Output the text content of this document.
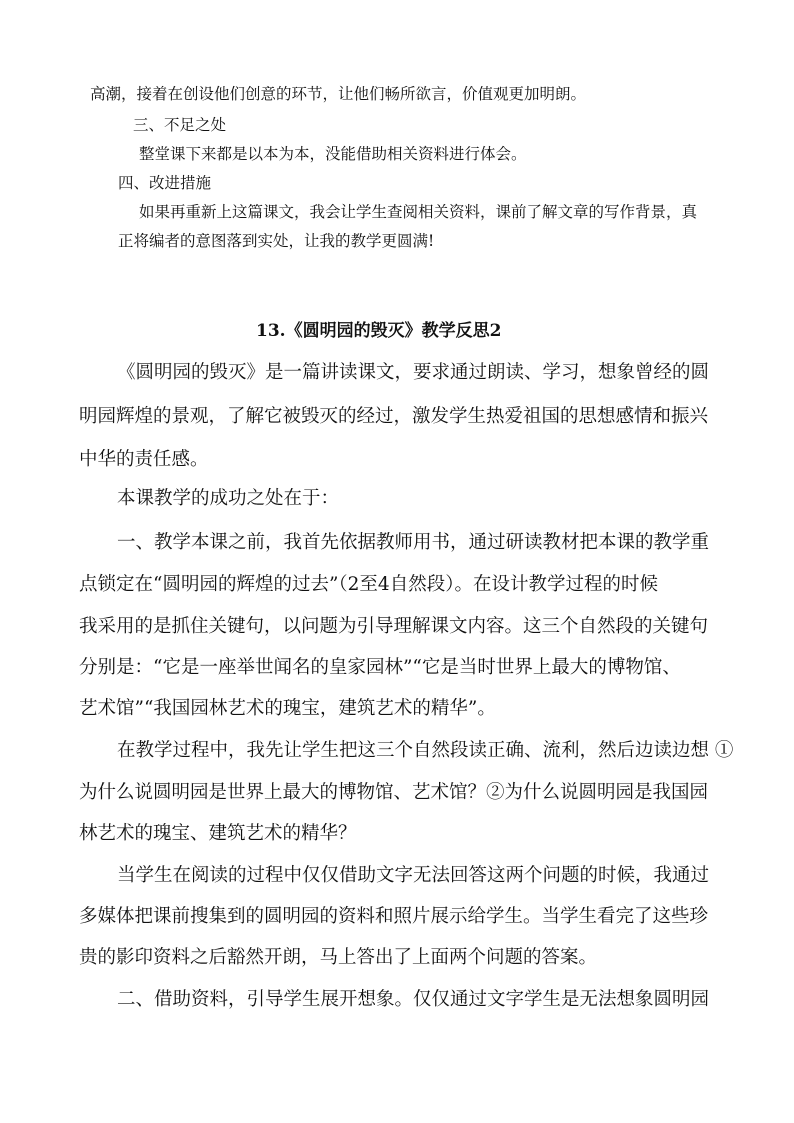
高潮，接着在创设他们创意的环节，让他们畅所欲言，价值观更加明朗。
三、不足之处
整堂课下来都是以本为本，没能借助相关资料进行体会。
四、改进措施
如果再重新上这篇课文，我会让学生查阅相关资料，课前了解文章的写作背景，真
正将编者的意图落到实处，让我的教学更圆满!
13.《圆明园的毁灭》教学反思2
《圆明园的毁灭》是一篇讲读课文，要求通过朗读、学习，想象曾经的圆
明园辉煌的景观，了解它被毁灭的经过，激发学生热爱祖国的思想感情和振兴
中华的责任感。
本课教学的成功之处在于：
一、教学本课之前，我首先依据教师用书，通过研读教材把本课的教学重
点锁定在“圆明园的辉煌的过去”（2至4自然段）。在设计教学过程的时候
我采用的是抓住关键句，以问题为引导理解课文内容。这三个自然段的关键句
分别是：“它是一座举世闻名的皇家园林”“它是当时世界上最大的博物馆、
艺术馆”“我国园林艺术的瑰宝，建筑艺术的精华”。
在教学过程中，我先让学生把这三个自然段读正确、流利，然后边读边想 ①
为什么说圆明园是世界上最大的博物馆、艺术馆？②为什么说圆明园是我国园
林艺术的瑰宝、建筑艺术的精华？
当学生在阅读的过程中仅仅借助文字无法回答这两个问题的时候，我通过
多媒体把课前搜集到的圆明园的资料和照片展示给学生。当学生看完了这些珍
贵的影印资料之后豁然开朗，马上答出了上面两个问题的答案。
二、借助资料，引导学生展开想象。仅仅通过文字学生是无法想象圆明园
